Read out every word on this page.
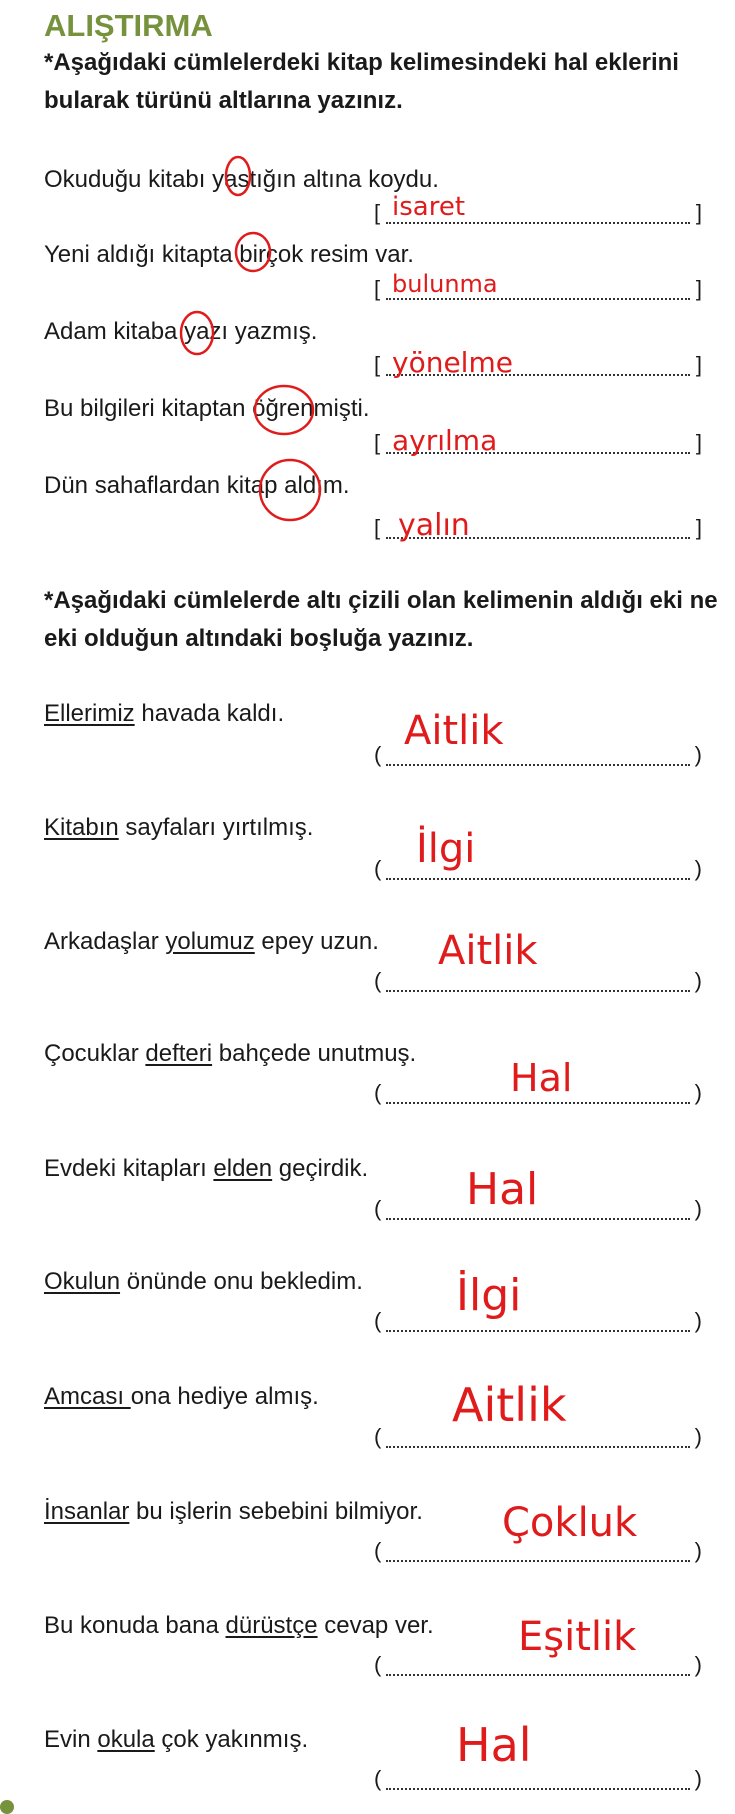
ALIŞTIRMA
*Aşağıdaki cümlelerdeki kitap kelimesindeki hal eklerini bularak türünü altlarına yazınız.
Okuduğu kitabı yastığın altına koydu.
[	]
isaret
Yeni aldığı kitapta birçok resim var.
[	]
bulunma
Adam kitaba yazı yazmış.
[	]
yönelme
Bu bilgileri kitaptan öğrenmişti.
[	]
ayrılma
Dün sahaflardan kitap aldım.
[	]
yalın
*Aşağıdaki cümlelerde altı çizili olan kelimenin aldığı eki ne eki olduğun altındaki boşluğa yazınız.
Ellerimiz havada kaldı.
(	)
Aitlik
Kitabın sayfaları yırtılmış.
(	)
İlgi
Arkadaşlar yolumuz epey uzun.
(	)
Aitlik
Çocuklar defteri bahçede unutmuş.
(	)
Hal
Evdeki kitapları elden geçirdik.
(	)
Hal
Okulun önünde onu bekledim.
(	)
İlgi
Amcası ona hediye almış.
(	)
Aitlik
İnsanlar bu işlerin sebebini bilmiyor.
(	)
Çokluk
Bu konuda bana dürüstçe cevap ver.
(	)
Eşitlik
Evin okula çok yakınmış.
(	)
Hal
